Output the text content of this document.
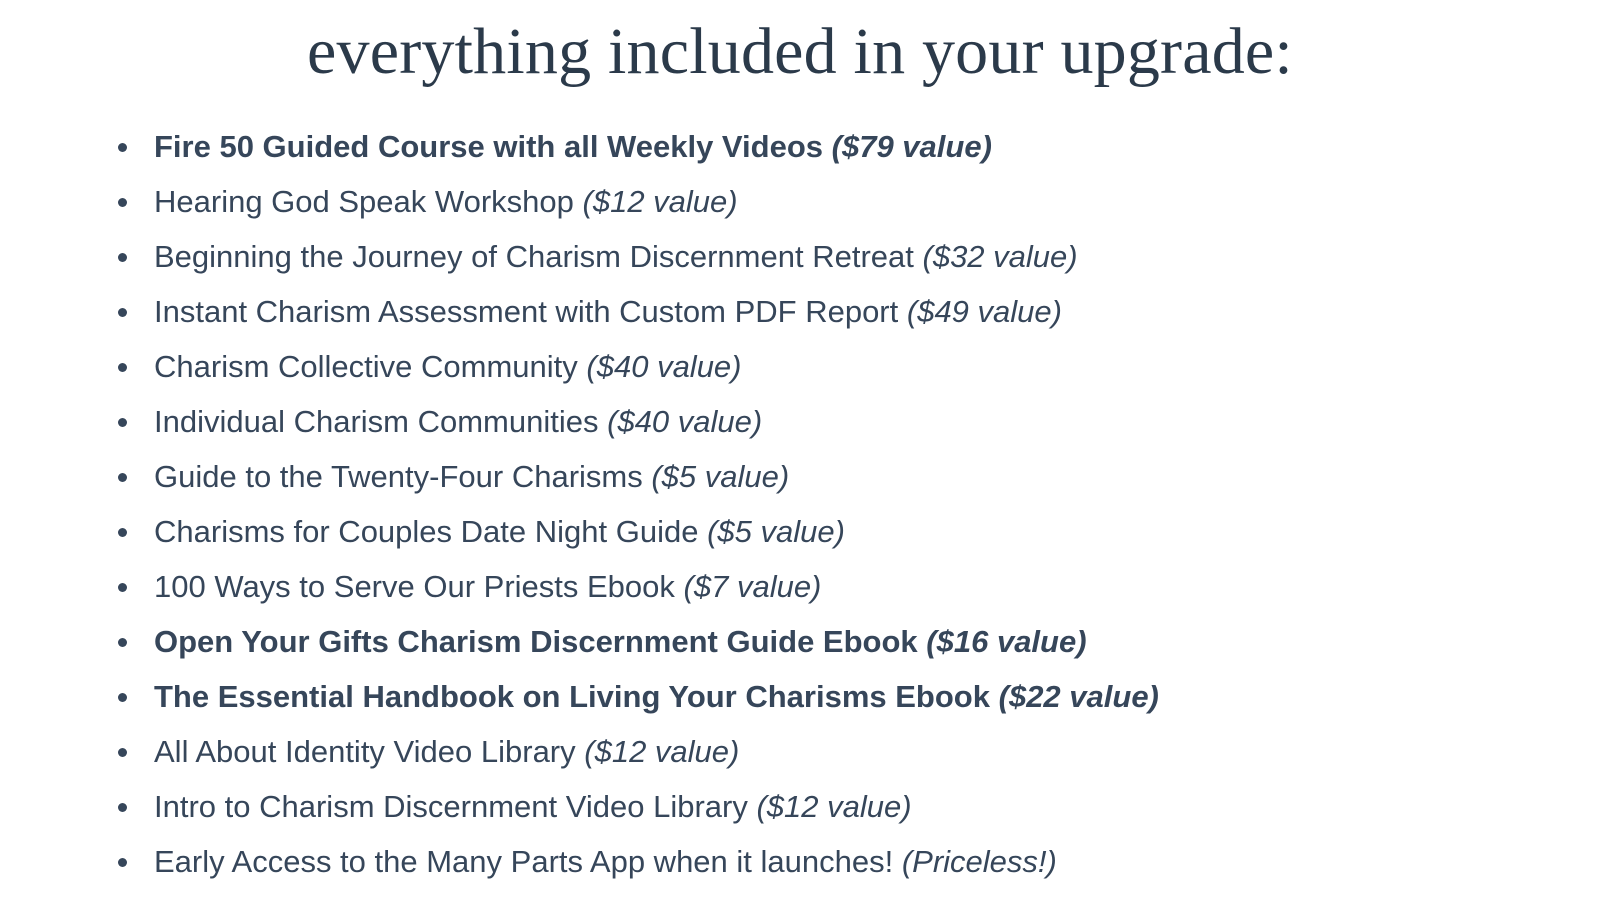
everything included in your upgrade:
Fire 50 Guided Course with all Weekly Videos ($79 value)
Hearing God Speak Workshop ($12 value)
Beginning the Journey of Charism Discernment Retreat ($32 value)
Instant Charism Assessment with Custom PDF Report ($49 value)
Charism Collective Community ($40 value)
Individual Charism Communities ($40 value)
Guide to the Twenty-Four Charisms ($5 value)
Charisms for Couples Date Night Guide ($5 value)
100 Ways to Serve Our Priests Ebook ($7 value)
Open Your Gifts Charism Discernment Guide Ebook ($16 value)
The Essential Handbook on Living Your Charisms Ebook ($22 value)
All About Identity Video Library ($12 value)
Intro to Charism Discernment Video Library ($12 value)
Early Access to the Many Parts App when it launches! (Priceless!)
